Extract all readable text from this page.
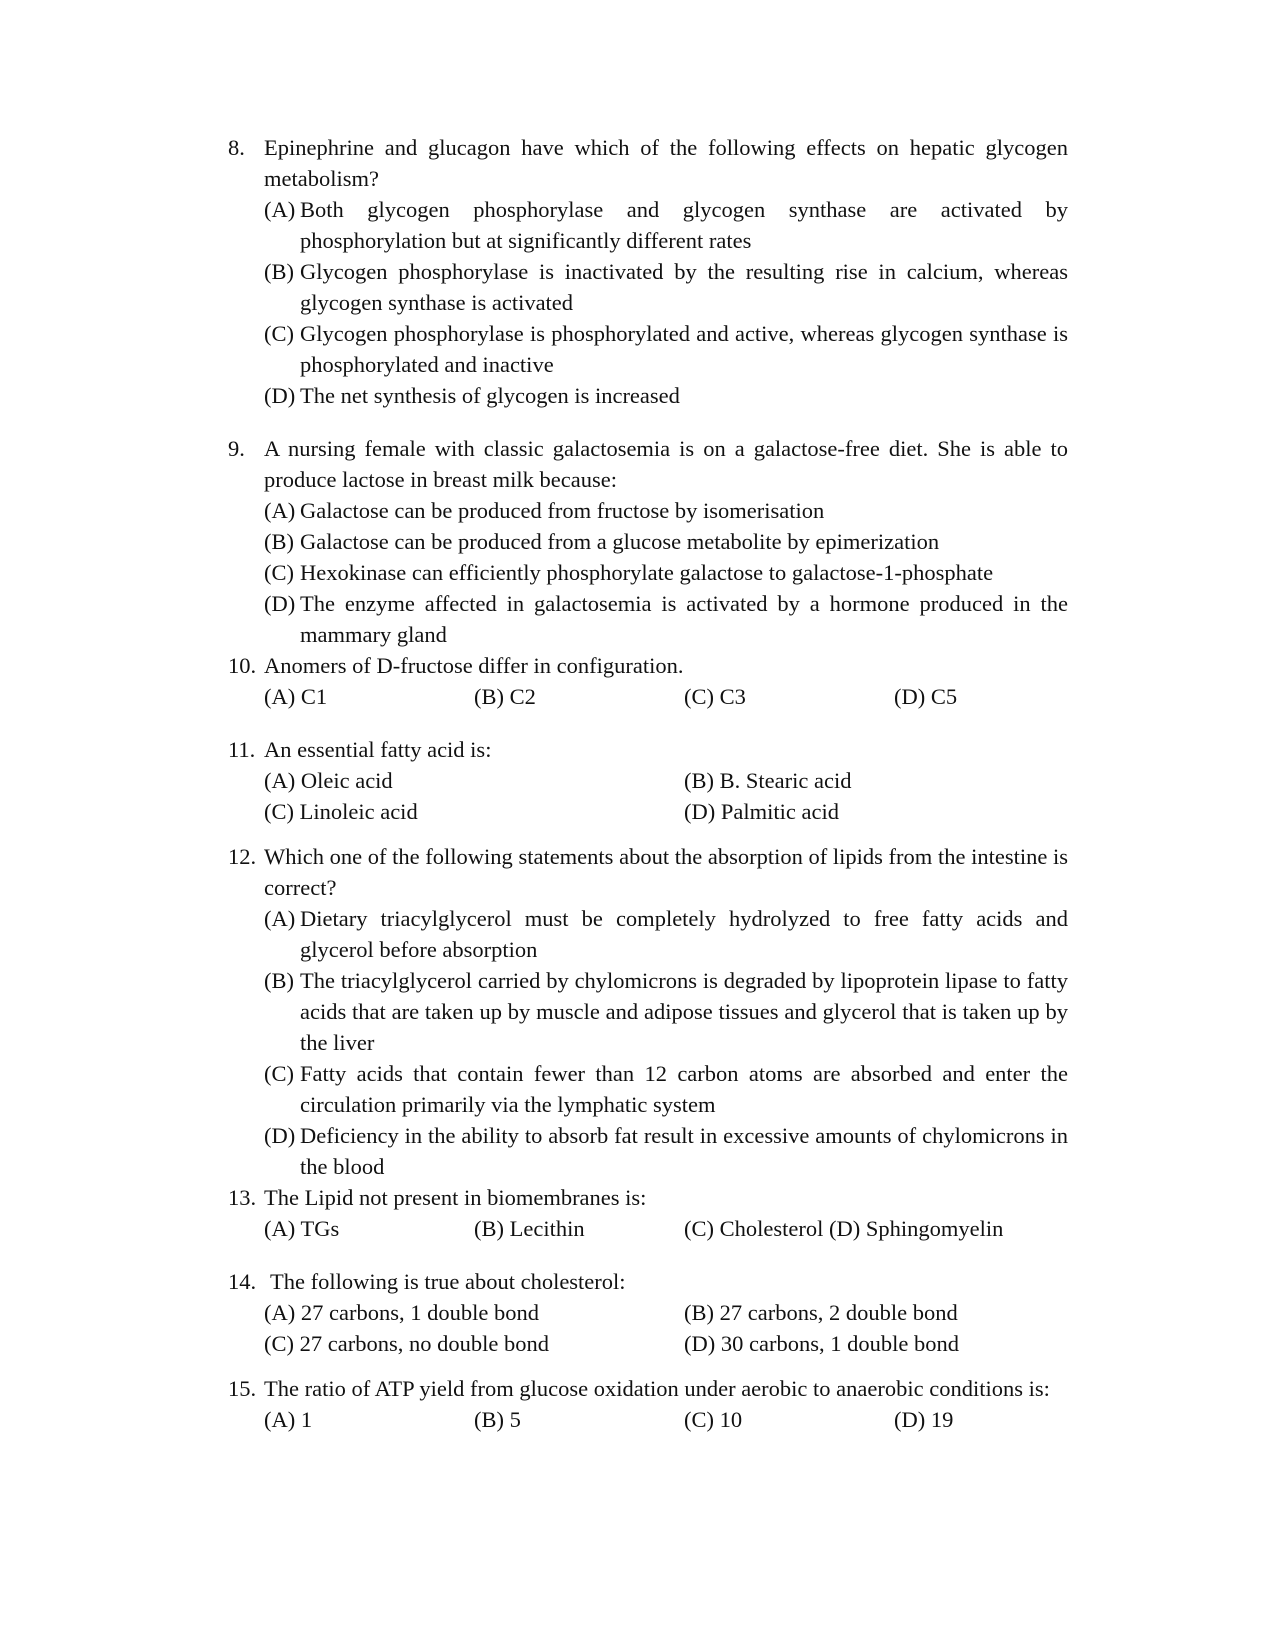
8. Epinephrine and glucagon have which of the following effects on hepatic glycogen metabolism?
(A) Both glycogen phosphorylase and glycogen synthase are activated by phosphorylation but at significantly different rates
(B) Glycogen phosphorylase is inactivated by the resulting rise in calcium, whereas glycogen synthase is activated
(C) Glycogen phosphorylase is phosphorylated and active, whereas glycogen synthase is phosphorylated and inactive
(D) The net synthesis of glycogen is increased
9. A nursing female with classic galactosemia is on a galactose-free diet. She is able to produce lactose in breast milk because:
(A) Galactose can be produced from fructose by isomerisation
(B) Galactose can be produced from a glucose metabolite by epimerization
(C) Hexokinase can efficiently phosphorylate galactose to galactose-1-phosphate
(D) The enzyme affected in galactosemia is activated by a hormone produced in the mammary gland
10. Anomers of D-fructose differ in configuration.
(A) C1	(B) C2	(C) C3	(D) C5
11. An essential fatty acid is:
(A) Oleic acid	(B) B. Stearic acid
(C) Linoleic acid	(D) Palmitic acid
12. Which one of the following statements about the absorption of lipids from the intestine is correct?
(A) Dietary triacylglycerol must be completely hydrolyzed to free fatty acids and glycerol before absorption
(B) The triacylglycerol carried by chylomicrons is degraded by lipoprotein lipase to fatty acids that are taken up by muscle and adipose tissues and glycerol that is taken up by the liver
(C) Fatty acids that contain fewer than 12 carbon atoms are absorbed and enter the circulation primarily via the lymphatic system
(D) Deficiency in the ability to absorb fat result in excessive amounts of chylomicrons in the blood
13. The Lipid not present in biomembranes is:
(A) TGs	(B) Lecithin	(C) Cholesterol (D) Sphingomyelin
14. The following is true about cholesterol:
(A) 27 carbons, 1 double bond	(B) 27 carbons, 2 double bond
(C) 27 carbons, no double bond	(D) 30 carbons, 1 double bond
15. The ratio of ATP yield from glucose oxidation under aerobic to anaerobic conditions is:
(A) 1	(B) 5	(C) 10	(D) 19
